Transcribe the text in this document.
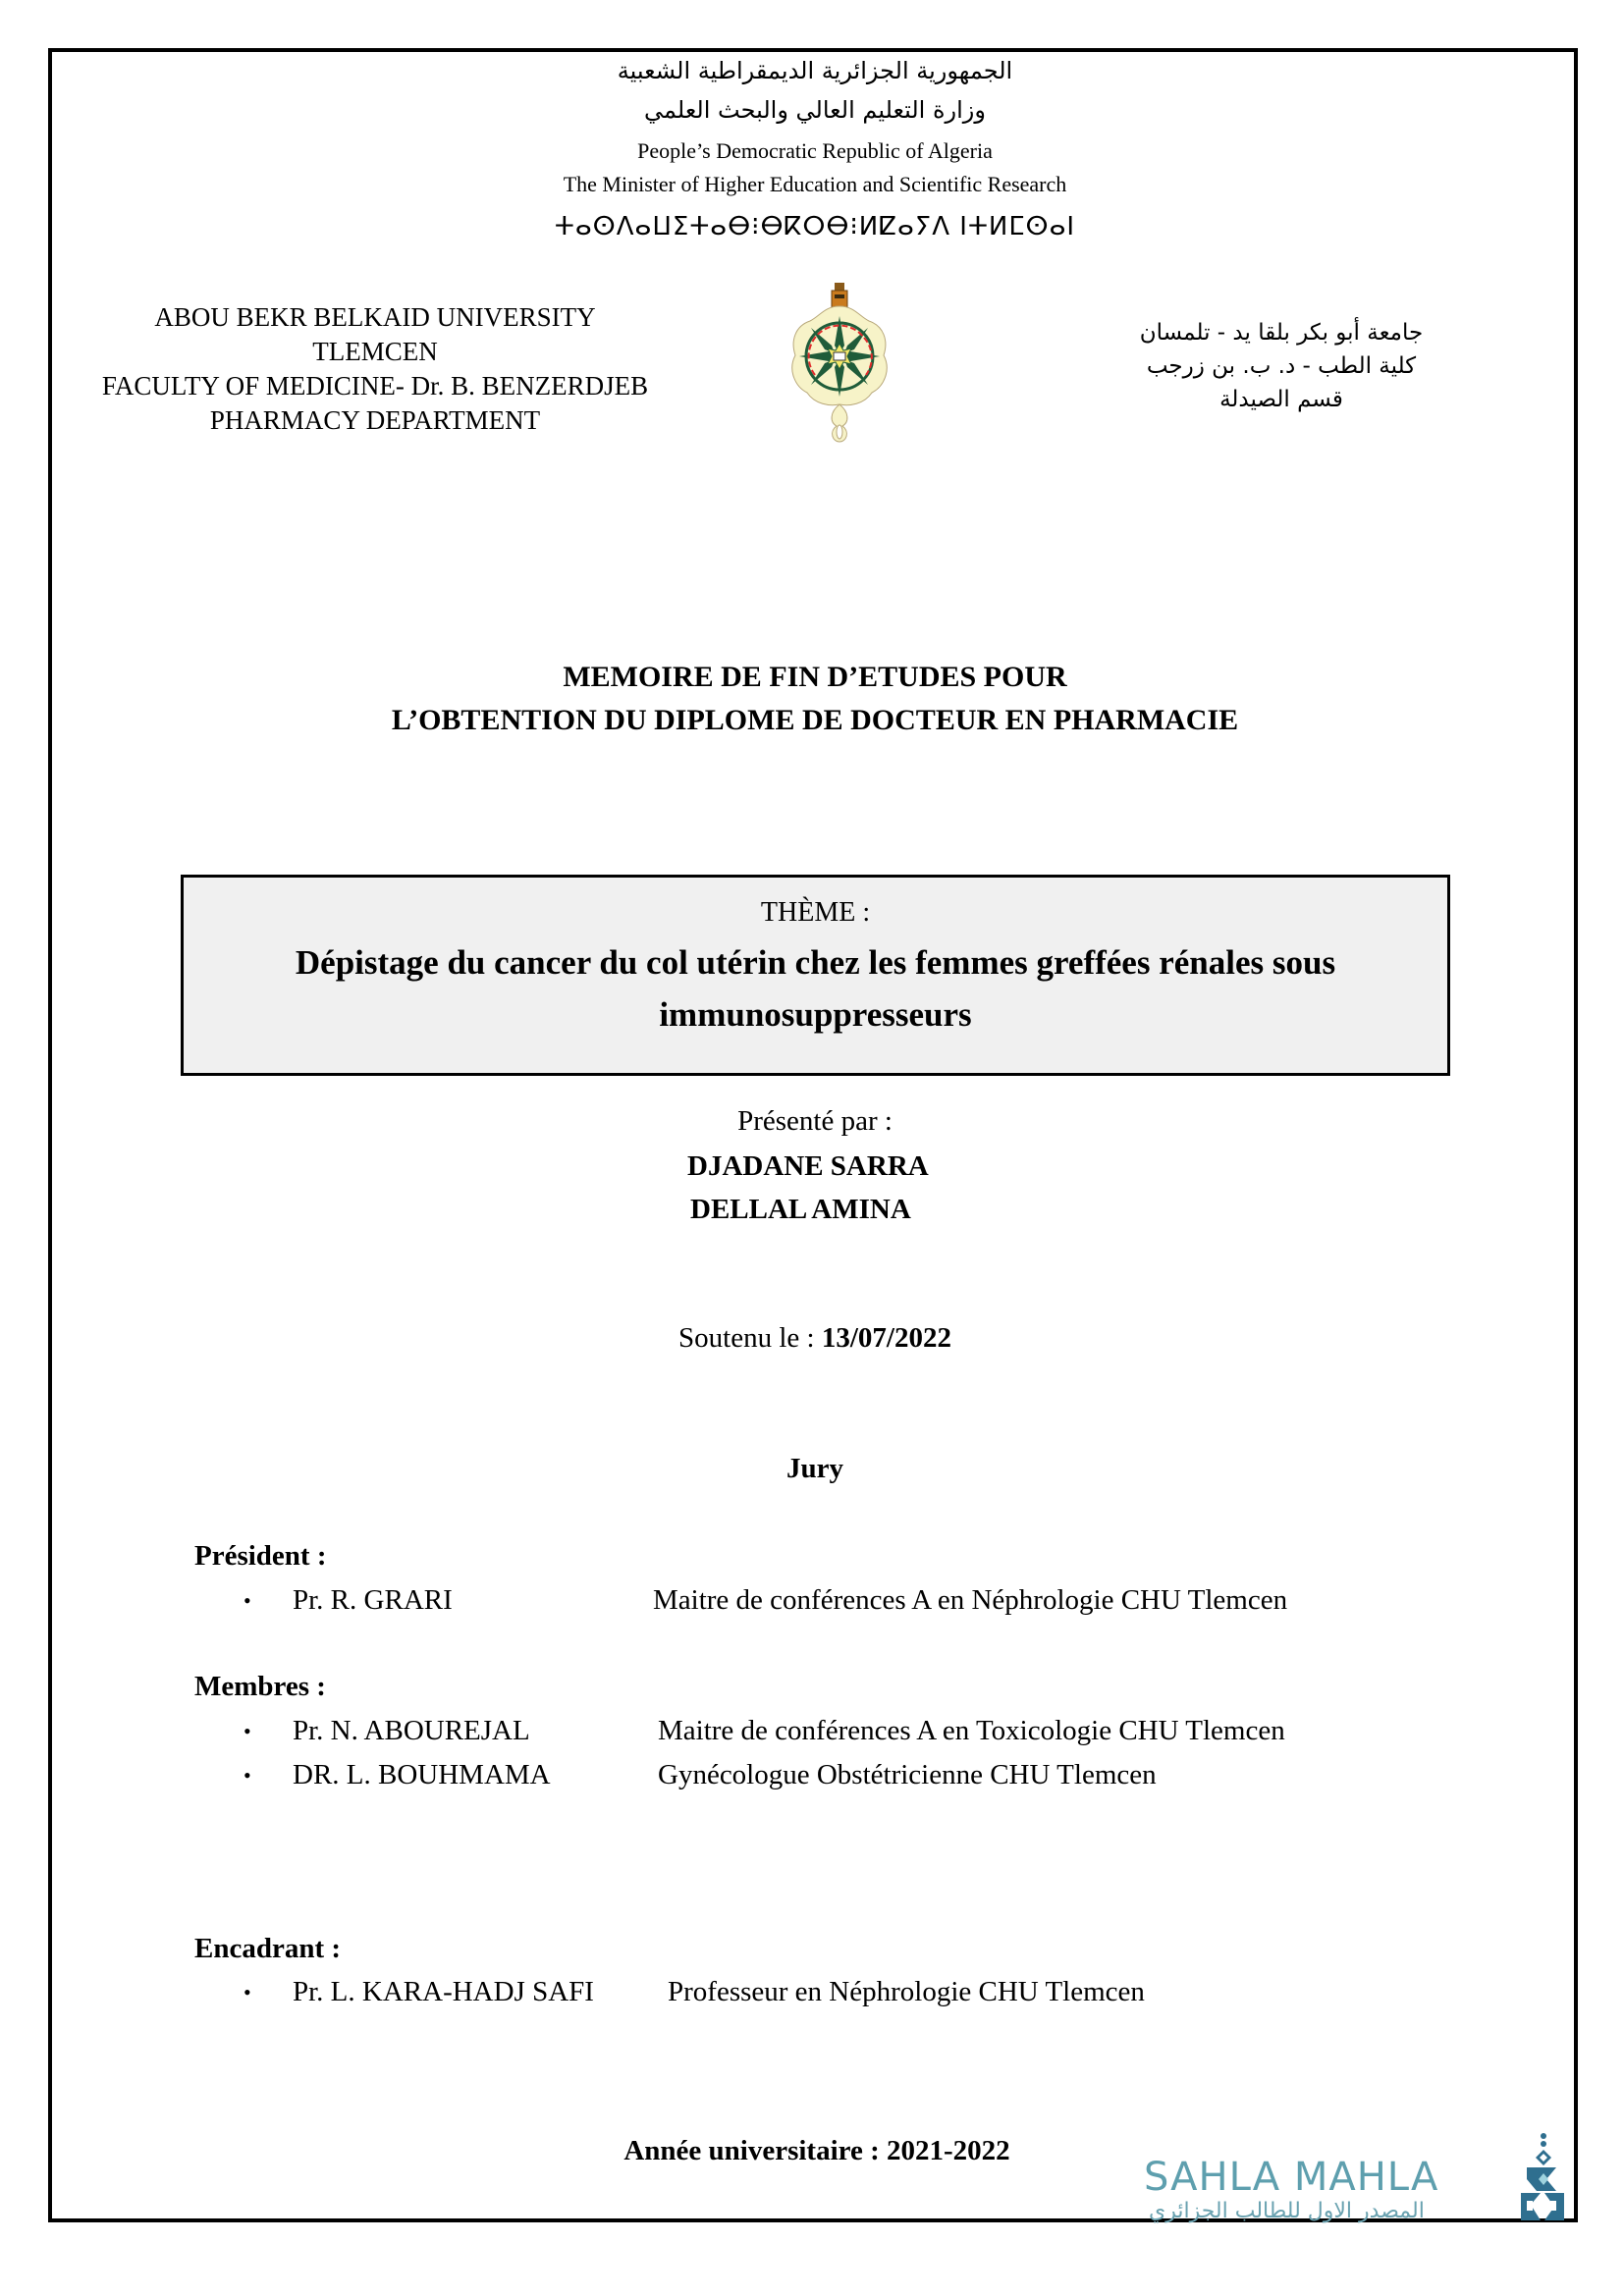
الجمهورية الجزائرية الديمقراطية الشعبية
وزارة التعليم العالي والبحث العلمي
People’s Democratic Republic of Algeria
The Minister of Higher Education and Scientific Research
ⵜⴰⵙⴷⴰⵡⵉⵜⴰⴱ⁝ⴱⴽⵔⴱ⁝ⵍⵇⴰⵢⴷ ⵏⵜⵍⵎⵙⴰⵏ
ABOU BEKR BELKAID UNIVERSITY
TLEMCEN
FACULTY OF MEDICINE- Dr. B. BENZERDJEB
PHARMACY DEPARTMENT
جامعة أبو بكر بلقا يد - تلمسان
كلية الطب - د. ب. بن زرجب
قسم الصيدلة
MEMOIRE DE FIN D’ETUDES POUR
L’OBTENTION DU DIPLOME DE DOCTEUR EN PHARMACIE
THÈME :
Dépistage du cancer du col utérin chez les femmes greffées rénales sous immunosuppresseurs
Présenté par :
DJADANE SARRA
DELLAL AMINA
Soutenu le : 13/07/2022
Jury
Président :
• Pr. R. GRARI	Maitre de conférences A en Néphrologie CHU Tlemcen
Membres :
• Pr. N. ABOUREJAL	Maitre de conférences A en Toxicologie CHU Tlemcen
• DR. L. BOUHMAMA	Gynécologue Obstétricienne CHU Tlemcen
Encadrant :
• Pr. L. KARA-HADJ SAFI	Professeur en Néphrologie CHU Tlemcen
Année universitaire : 2021-2022
SAHLA MAHLA
المصدر الاول للطالب الجزائري
